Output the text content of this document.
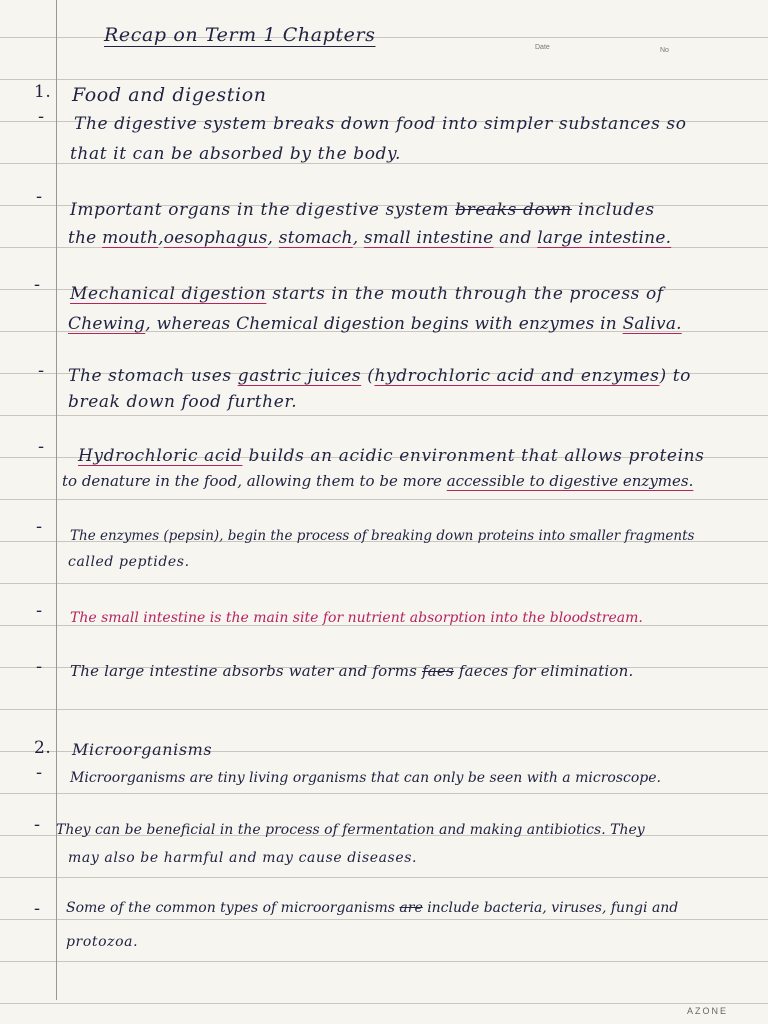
Recap on Term 1 Chapters
Date	No
1. Food and digestion
- The digestive system breaks down food into simpler substances so
that it can be absorbed by the body.
-
Important organs in the digestive system breaks down includes
the mouth,oesophagus, stomach, small intestine and large intestine.
- Mechanical digestion starts in the mouth through the process of
Chewing, whereas Chemical digestion begins with enzymes in Saliva.
- The stomach uses gastric juices (hydrochloric acid and enzymes) to
break down food further.
- Hydrochloric acid builds an acidic environment that allows proteins
to denature in the food, allowing them to be more accessible to digestive enzymes.
- The enzymes (pepsin), begin the process of breaking down proteins into smaller fragments
called peptides.
- The small intestine is the main site for nutrient absorption into the bloodstream.
- The large intestine absorbs water and forms faes faeces for elimination.
2. Microorganisms
- Microorganisms are tiny living organisms that can only be seen with a microscope.
- They can be beneficial in the process of fermentation and making antibiotics. They
may also be harmful and may cause diseases.
- Some of the common types of microorganisms are include bacteria, viruses, fungi and
protozoa.
AZONE
